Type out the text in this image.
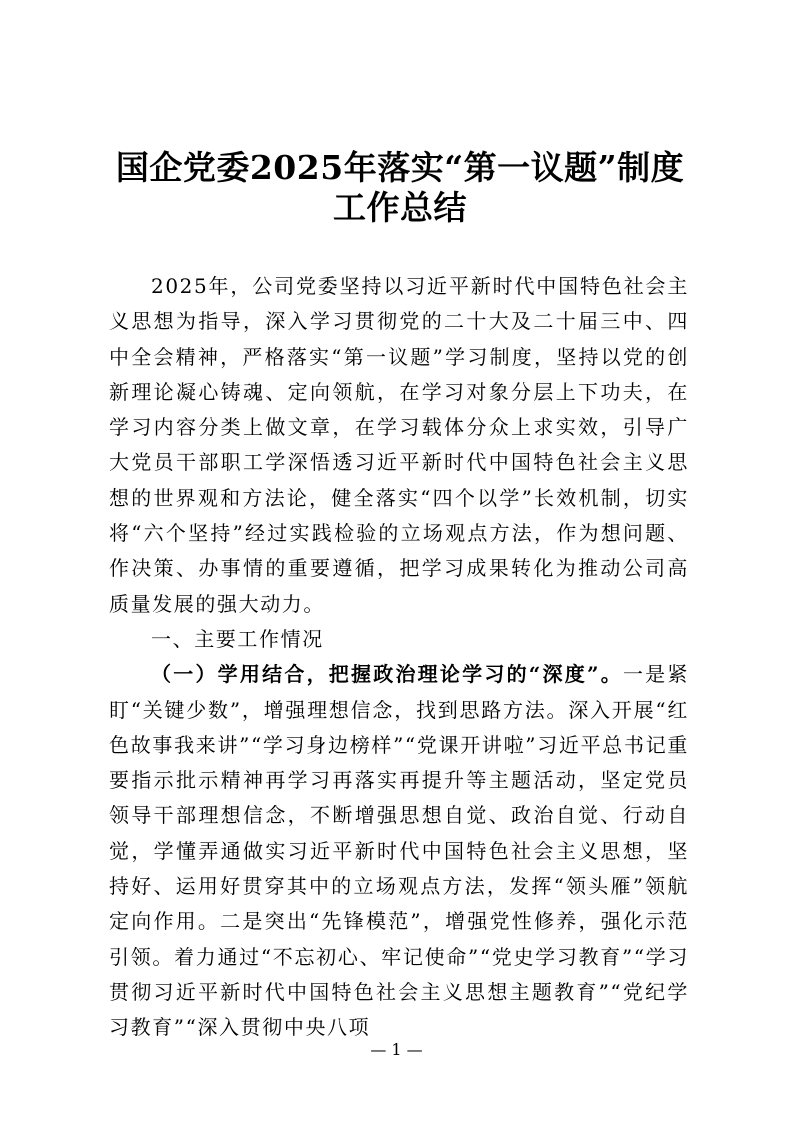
国企党委2025年落实“第一议题”制度工作总结

2025年，公司党委坚持以习近平新时代中国特色社会主义思想为指导，深入学习贯彻党的二十大及二十届三中、四中全会精神，严格落实“第一议题”学习制度，坚持以党的创新理论凝心铸魂、定向领航，在学习对象分层上下功夫，在学习内容分类上做文章，在学习载体分众上求实效，引导广大党员干部职工学深悟透习近平新时代中国特色社会主义思想的世界观和方法论，健全落实“四个以学”长效机制，切实将“六个坚持”经过实践检验的立场观点方法，作为想问题、作决策、办事情的重要遵循，把学习成果转化为推动公司高质量发展的强大动力。

一、主要工作情况

（一）学用结合，把握政治理论学习的“深度”。一是紧盯“关键少数”，增强理想信念，找到思路方法。深入开展“红色故事我来讲”“学习身边榜样”“党课开讲啦”习近平总书记重要指示批示精神再学习再落实再提升等主题活动，坚定党员领导干部理想信念，不断增强思想自觉、政治自觉、行动自觉，学懂弄通做实习近平新时代中国特色社会主义思想，坚持好、运用好贯穿其中的立场观点方法，发挥“领头雁”领航定向作用。二是突出“先锋模范”，增强党性修养，强化示范引领。着力通过“不忘初心、牢记使命”“党史学习教育”“学习贯彻习近平新时代中国特色社会主义思想主题教育”“党纪学习教育”“深入贯彻中央八项

— 1 —
